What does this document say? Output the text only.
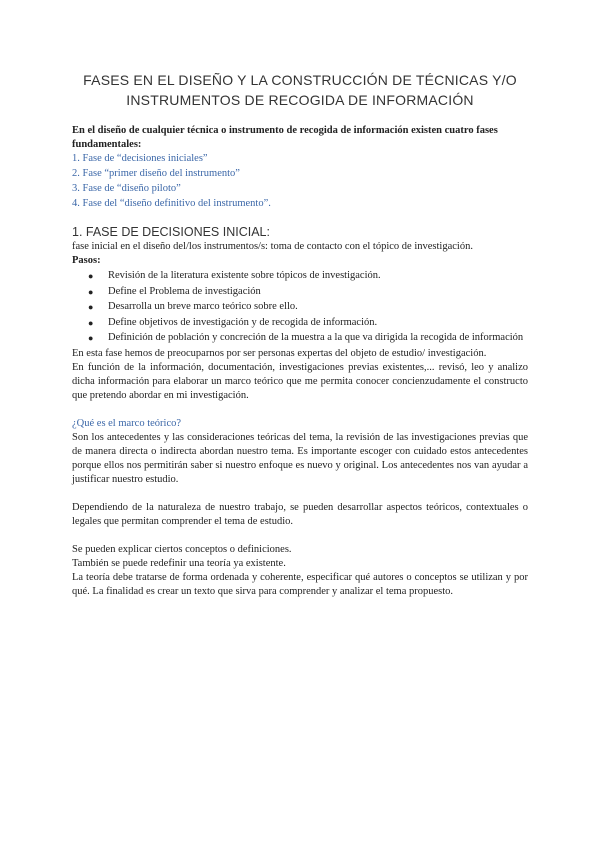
FASES EN EL DISEÑO Y LA CONSTRUCCIÓN DE TÉCNICAS Y/O INSTRUMENTOS DE RECOGIDA DE INFORMACIÓN

En el diseño de cualquier técnica o instrumento de recogida de información existen cuatro fases fundamentales:

1. Fase de “decisiones iniciales”
2. Fase “primer diseño del instrumento”
3. Fase de “diseño piloto”
4. Fase del “diseño definitivo del instrumento”.
1. FASE DE DECISIONES INICIAL:

fase inicial en el diseño del/los instrumentos/s: toma de contacto con el tópico de investigación.

Pasos:

● Revisión de la literatura existente sobre tópicos de investigación.
● Define el Problema de investigación
● Desarrolla un breve marco teórico sobre ello.
● Define objetivos de investigación y de recogida de información.
● Definición de población y concreción de la muestra a la que va dirigida la recogida de información

En esta fase hemos de preocuparnos por ser personas expertas del objeto de estudio/ investigación.

En función de la información, documentación, investigaciones previas existentes,... revisó, leo y analizo dicha información para elaborar un marco teórico que me permita conocer concienzudamente el constructo que pretendo abordar en mi investigación.

¿Qué es el marco teórico?

Son los antecedentes y las consideraciones teóricas del tema, la revisión de las investigaciones previas que de manera directa o indirecta abordan nuestro tema. Es importante escoger con cuidado estos antecedentes porque ellos nos permitirán saber si nuestro enfoque es nuevo y original. Los antecedentes nos van ayudar a justificar nuestro estudio.

Dependiendo de la naturaleza de nuestro trabajo, se pueden desarrollar aspectos teóricos, contextuales o legales que permitan comprender el tema de estudio.

Se pueden explicar ciertos conceptos o definiciones.

También se puede redefinir una teoría ya existente.

La teoría debe tratarse de forma ordenada y coherente, especificar qué autores o conceptos se utilizan y por qué. La finalidad es crear un texto que sirva para comprender y analizar el tema propuesto.
